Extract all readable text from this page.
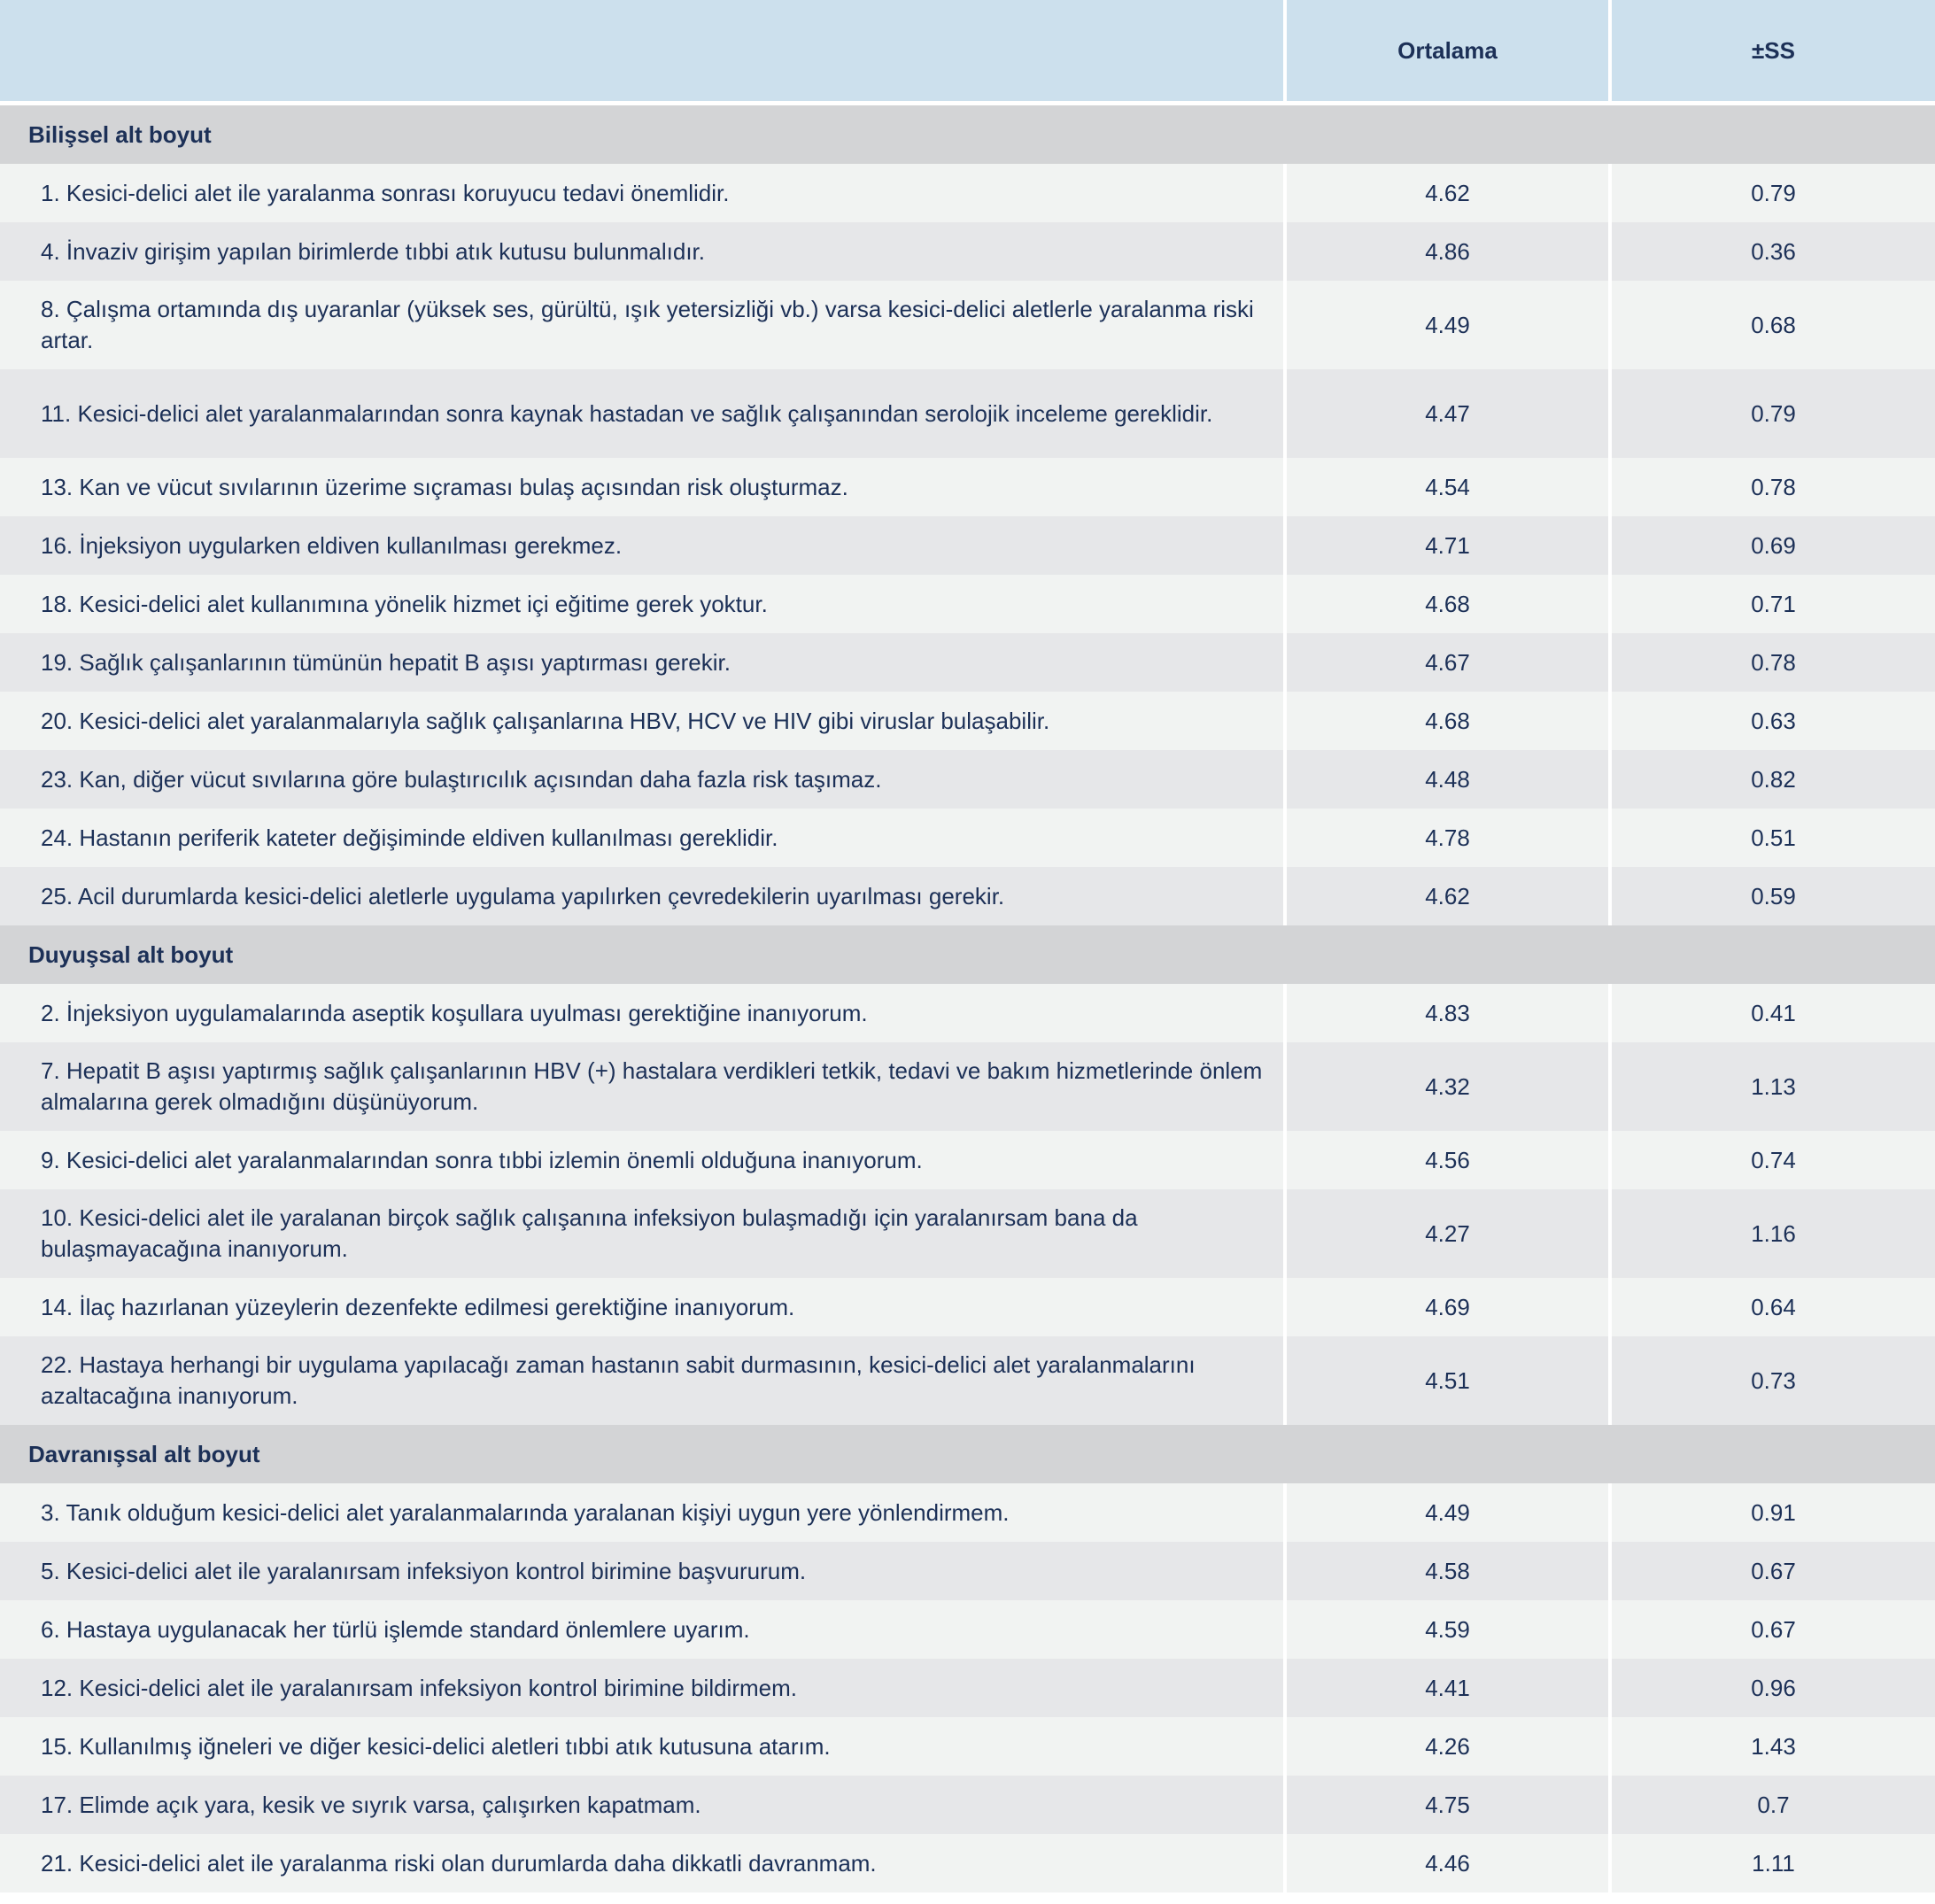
	Ortalama	±SS
Bilişsel alt boyut		
1. Kesici-delici alet ile yaralanma sonrası koruyucu tedavi önemlidir.	4.62	0.79
4. İnvaziv girişim yapılan birimlerde tıbbi atık kutusu bulunmalıdır.	4.86	0.36
8. Çalışma ortamında dış uyaranlar (yüksek ses, gürültü, ışık yetersizliği vb.) varsa kesici-delici aletlerle yaralanma riski artar.	4.49	0.68
11. Kesici-delici alet yaralanmalarından sonra kaynak hastadan ve sağlık çalışanından serolojik inceleme gereklidir.	4.47	0.79
13. Kan ve vücut sıvılarının üzerime sıçraması bulaş açısından risk oluşturmaz.	4.54	0.78
16. İnjeksiyon uygularken eldiven kullanılması gerekmez.	4.71	0.69
18. Kesici-delici alet kullanımına yönelik hizmet içi eğitime gerek yoktur.	4.68	0.71
19. Sağlık çalışanlarının tümünün hepatit B aşısı yaptırması gerekir.	4.67	0.78
20. Kesici-delici alet yaralanmalarıyla sağlık çalışanlarına HBV, HCV ve HIV gibi viruslar bulaşabilir.	4.68	0.63
23. Kan, diğer vücut sıvılarına göre bulaştırıcılık açısından daha fazla risk taşımaz.	4.48	0.82
24. Hastanın periferik kateter değişiminde eldiven kullanılması gereklidir.	4.78	0.51
25. Acil durumlarda kesici-delici aletlerle uygulama yapılırken çevredekilerin uyarılması gerekir.	4.62	0.59
Duyuşsal alt boyut		
2. İnjeksiyon uygulamalarında aseptik koşullara uyulması gerektiğine inanıyorum.	4.83	0.41
7. Hepatit B aşısı yaptırmış sağlık çalışanlarının HBV (+) hastalara verdikleri tetkik, tedavi ve bakım hizmetlerinde önlem almalarına gerek olmadığını düşünüyorum.	4.32	1.13
9. Kesici-delici alet yaralanmalarından sonra tıbbi izlemin önemli olduğuna inanıyorum.	4.56	0.74
10. Kesici-delici alet ile yaralanan birçok sağlık çalışanına infeksiyon bulaşmadığı için yaralanırsam bana da bulaşmayacağına inanıyorum.	4.27	1.16
14. İlaç hazırlanan yüzeylerin dezenfekte edilmesi gerektiğine inanıyorum.	4.69	0.64
22. Hastaya herhangi bir uygulama yapılacağı zaman hastanın sabit durmasının, kesici-delici alet yaralanmalarını azaltacağına inanıyorum.	4.51	0.73
Davranışsal alt boyut		
3. Tanık olduğum kesici-delici alet yaralanmalarında yaralanan kişiyi uygun yere yönlendirmem.	4.49	0.91
5. Kesici-delici alet ile yaralanırsam infeksiyon kontrol birimine başvururum.	4.58	0.67
6. Hastaya uygulanacak her türlü işlemde standard önlemlere uyarım.	4.59	0.67
12. Kesici-delici alet ile yaralanırsam infeksiyon kontrol birimine bildirmem.	4.41	0.96
15. Kullanılmış iğneleri ve diğer kesici-delici aletleri tıbbi atık kutusuna atarım.	4.26	1.43
17. Elimde açık yara, kesik ve sıyrık varsa, çalışırken kapatmam.	4.75	0.7
21. Kesici-delici alet ile yaralanma riski olan durumlarda daha dikkatli davranmam.	4.46	1.11
